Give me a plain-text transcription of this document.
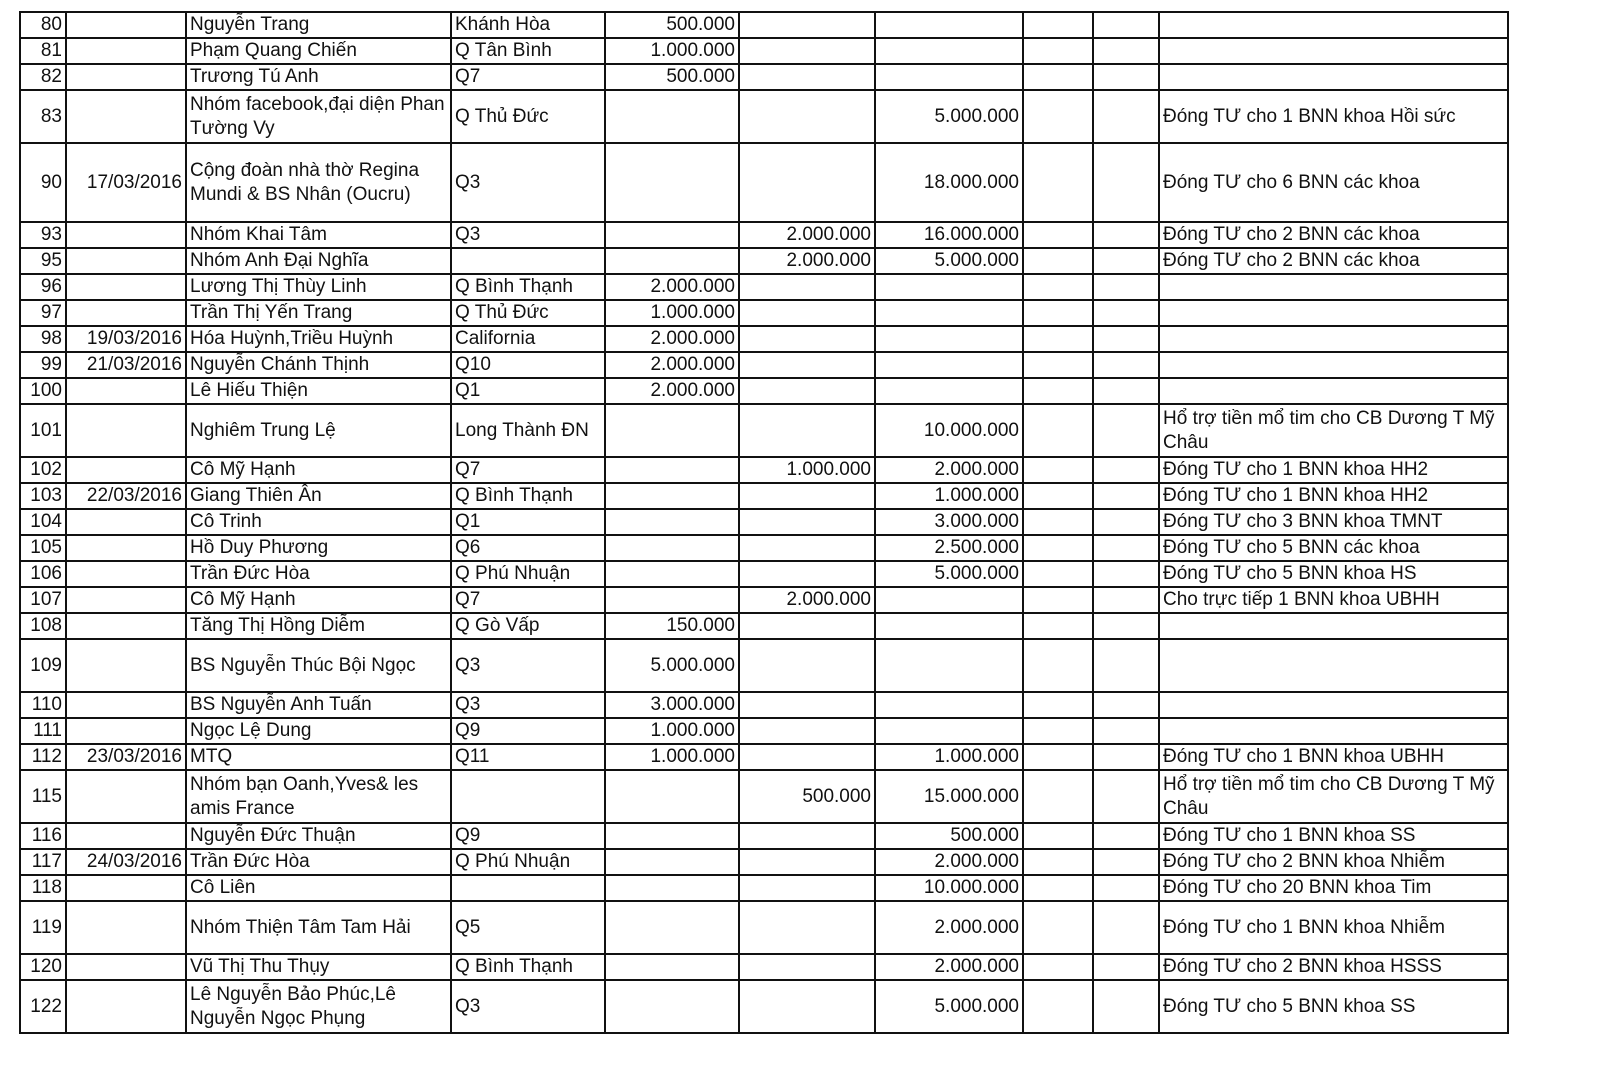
80		Nguyễn Trang	Khánh Hòa	500.000					
81		Phạm Quang Chiến	Q Tân Bình	1.000.000					
82		Trương Tú Anh	Q7	500.000					
83		Nhóm facebook,đại diện Phan Tường Vy	Q Thủ Đức			5.000.000			Đóng TƯ cho 1 BNN khoa Hồi sức
90	17/03/2016	Cộng đoàn nhà thờ Regina Mundi & BS Nhân (Oucru)	Q3			18.000.000			Đóng TƯ cho 6 BNN các khoa
93		Nhóm Khai Tâm	Q3		2.000.000	16.000.000			Đóng TƯ cho 2 BNN các khoa
95		Nhóm Anh Đại Nghĩa			2.000.000	5.000.000			Đóng TƯ cho 2 BNN các khoa
96		Lương Thị Thùy Linh	Q Bình Thạnh	2.000.000					
97		Trần Thị Yến Trang	Q Thủ Đức	1.000.000					
98	19/03/2016	Hóa Huỳnh,Triều Huỳnh	California	2.000.000					
99	21/03/2016	Nguyễn Chánh Thịnh	Q10	2.000.000					
100		Lê Hiếu Thiện	Q1	2.000.000					
101		Nghiêm Trung Lệ	Long Thành ĐN			10.000.000			Hổ trợ tiền mổ tim cho CB Dương T Mỹ Châu
102		Cô Mỹ Hạnh	Q7		1.000.000	2.000.000			Đóng TƯ cho 1 BNN khoa HH2
103	22/03/2016	Giang Thiên Ân	Q Bình Thạnh			1.000.000			Đóng TƯ cho 1 BNN khoa HH2
104		Cô Trinh	Q1			3.000.000			Đóng TƯ cho 3 BNN khoa TMNT
105		Hồ Duy Phương	Q6			2.500.000			Đóng TƯ cho 5 BNN các khoa
106		Trần Đức Hòa	Q Phú Nhuận			5.000.000			Đóng TƯ cho 5 BNN khoa HS
107		Cô Mỹ Hạnh	Q7		2.000.000				Cho trực tiếp 1 BNN khoa UBHH
108		Tăng Thị Hồng Diễm	Q Gò Vấp	150.000					
109		BS Nguyễn Thúc Bội Ngọc	Q3	5.000.000					
110		BS Nguyễn Anh Tuấn	Q3	3.000.000					
111		Ngọc Lệ Dung	Q9	1.000.000					
112	23/03/2016	MTQ	Q11	1.000.000		1.000.000			Đóng TƯ cho 1 BNN khoa UBHH
115		Nhóm bạn Oanh,Yves& les amis France			500.000	15.000.000			Hổ trợ tiền mổ tim cho CB Dương T Mỹ Châu
116		Nguyễn Đức Thuận	Q9			500.000			Đóng TƯ cho 1 BNN khoa SS
117	24/03/2016	Trần Đức Hòa	Q Phú Nhuận			2.000.000			Đóng TƯ cho 2 BNN khoa Nhiễm
118		Cô Liên				10.000.000			Đóng TƯ cho 20 BNN khoa Tim
119		Nhóm Thiện Tâm Tam Hải	Q5			2.000.000			Đóng TƯ cho 1 BNN khoa Nhiễm
120		Vũ Thị Thu Thụy	Q Bình Thạnh			2.000.000			Đóng TƯ cho 2 BNN khoa HSSS
122		Lê Nguyễn Bảo Phúc,Lê Nguyễn Ngọc Phụng	Q3			5.000.000			Đóng TƯ cho 5 BNN khoa SS
